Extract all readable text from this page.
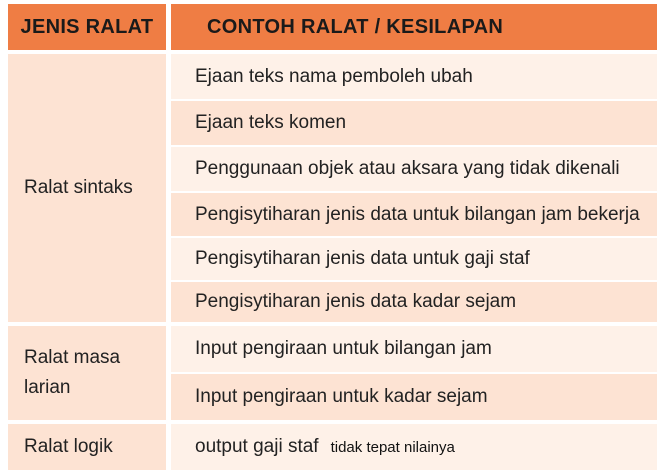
JENIS RALAT	CONTOH RALAT / KESILAPAN
Ralat sintaks
Ralat masa
larian
Ralat logik
Ejaan teks nama pemboleh ubah
Ejaan teks komen
Penggunaan objek atau aksara yang tidak dikenali
Pengisytiharan jenis data untuk bilangan jam bekerja
Pengisytiharan jenis data untuk gaji staf
Pengisytiharan jenis data kadar sejam
Input pengiraan untuk bilangan jam
Input pengiraan untuk kadar sejam
output gaji staf tidak tepat nilainya
